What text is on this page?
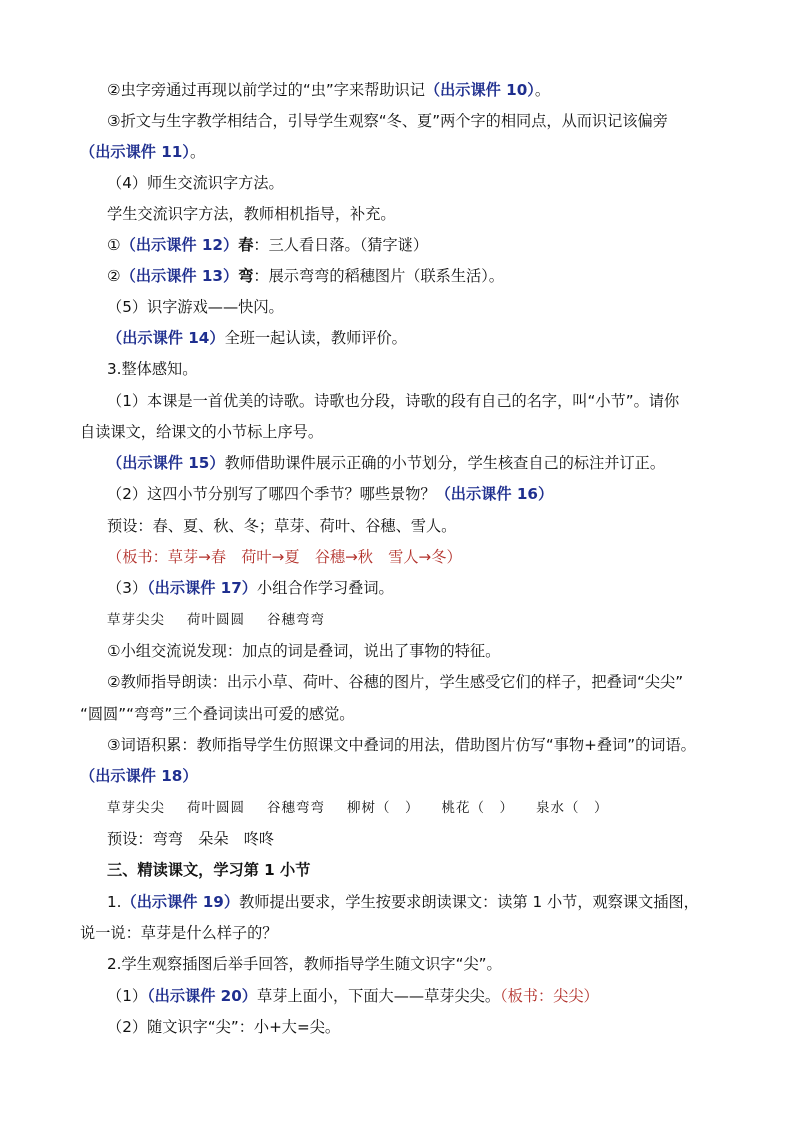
②虫字旁通过再现以前学过的“虫”字来帮助识记（出示课件 10）。
③折文与生字教学相结合，引导学生观察“冬、夏”两个字的相同点，从而识记该偏旁
（出示课件 11）。
（4）师生交流识字方法。
学生交流识字方法，教师相机指导，补充。
①（出示课件 12）春：三人看日落。（猜字谜）
②（出示课件 13）弯：展示弯弯的稻穗图片（联系生活）。
（5）识字游戏——快闪。
（出示课件 14）全班一起认读，教师评价。
3.整体感知。
（1）本课是一首优美的诗歌。诗歌也分段，诗歌的段有自己的名字，叫“小节”。请你
自读课文，给课文的小节标上序号。
（出示课件 15）教师借助课件展示正确的小节划分，学生核查自己的标注并订正。
（2）这四小节分别写了哪四个季节？哪些景物？（出示课件 16）
预设：春、夏、秋、冬；草芽、荷叶、谷穗、雪人。
（板书：草芽→春　荷叶→夏　谷穗→秋　雪人→冬）
（3）（出示课件 17）小组合作学习叠词。
草芽尖尖 荷叶圆圆 谷穗弯弯
①小组交流说发现：加点的词是叠词，说出了事物的特征。
②教师指导朗读：出示小草、荷叶、谷穗的图片，学生感受它们的样子，把叠词“尖尖”
“圆圆”“弯弯”三个叠词读出可爱的感觉。
③词语积累：教师指导学生仿照课文中叠词的用法，借助图片仿写“事物+叠词”的词语。
（出示课件 18）
草芽尖尖 荷叶圆圆 谷穗弯弯 柳树（　） 桃花（　） 泉水（　）
预设：弯弯　朵朵　咚咚
三、精读课文，学习第 1 小节
1.（出示课件 19）教师提出要求，学生按要求朗读课文：读第 1 小节，观察课文插图，
说一说：草芽是什么样子的？
2.学生观察插图后举手回答，教师指导学生随文识字“尖”。
（1）（出示课件 20）草芽上面小，下面大——草芽尖尖。（板书：尖尖）
（2）随文识字“尖”：小+大=尖。
